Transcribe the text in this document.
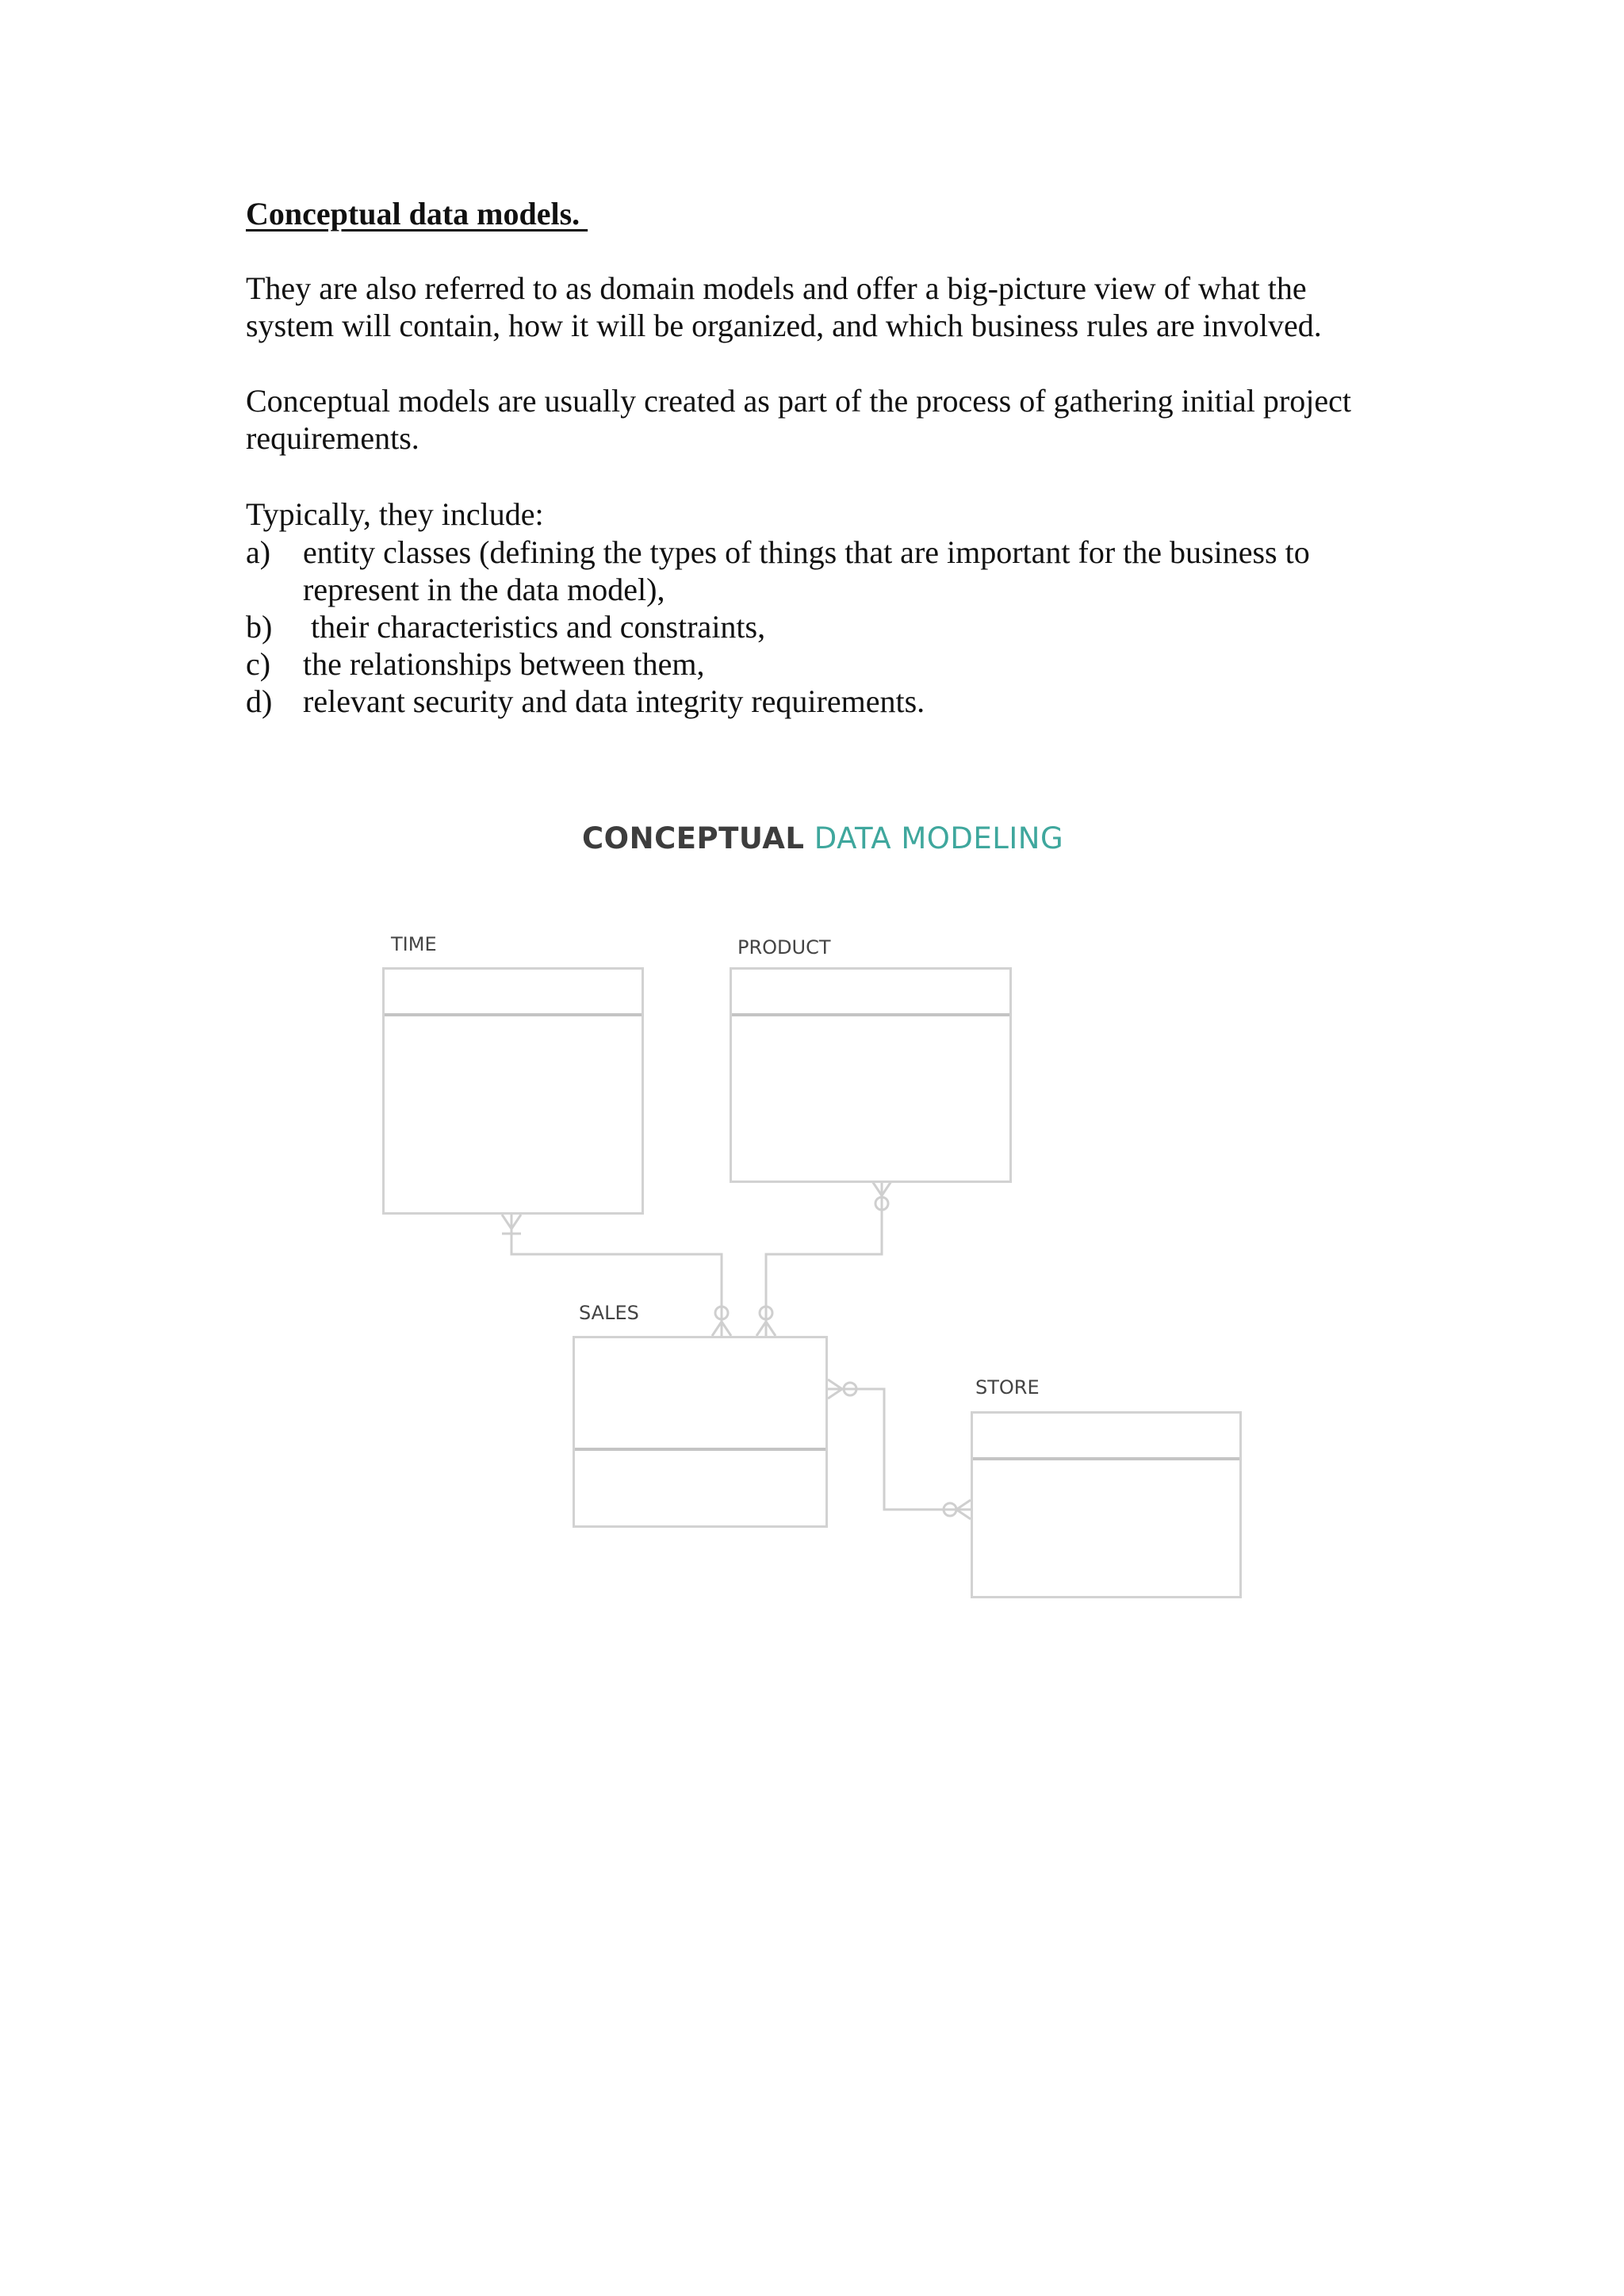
Conceptual data models.
They are also referred to as domain models and offer a big-picture view of what the system will contain, how it will be organized, and which business rules are involved.
Conceptual models are usually created as part of the process of gathering initial project requirements.
Typically, they include:
a) entity classes (defining the types of things that are important for the business to represent in the data model),
b) their characteristics and constraints,
c) the relationships between them,
d) relevant security and data integrity requirements.
CONCEPTUAL DATA MODELING
TIME	PRODUCT
SALES
STORE
